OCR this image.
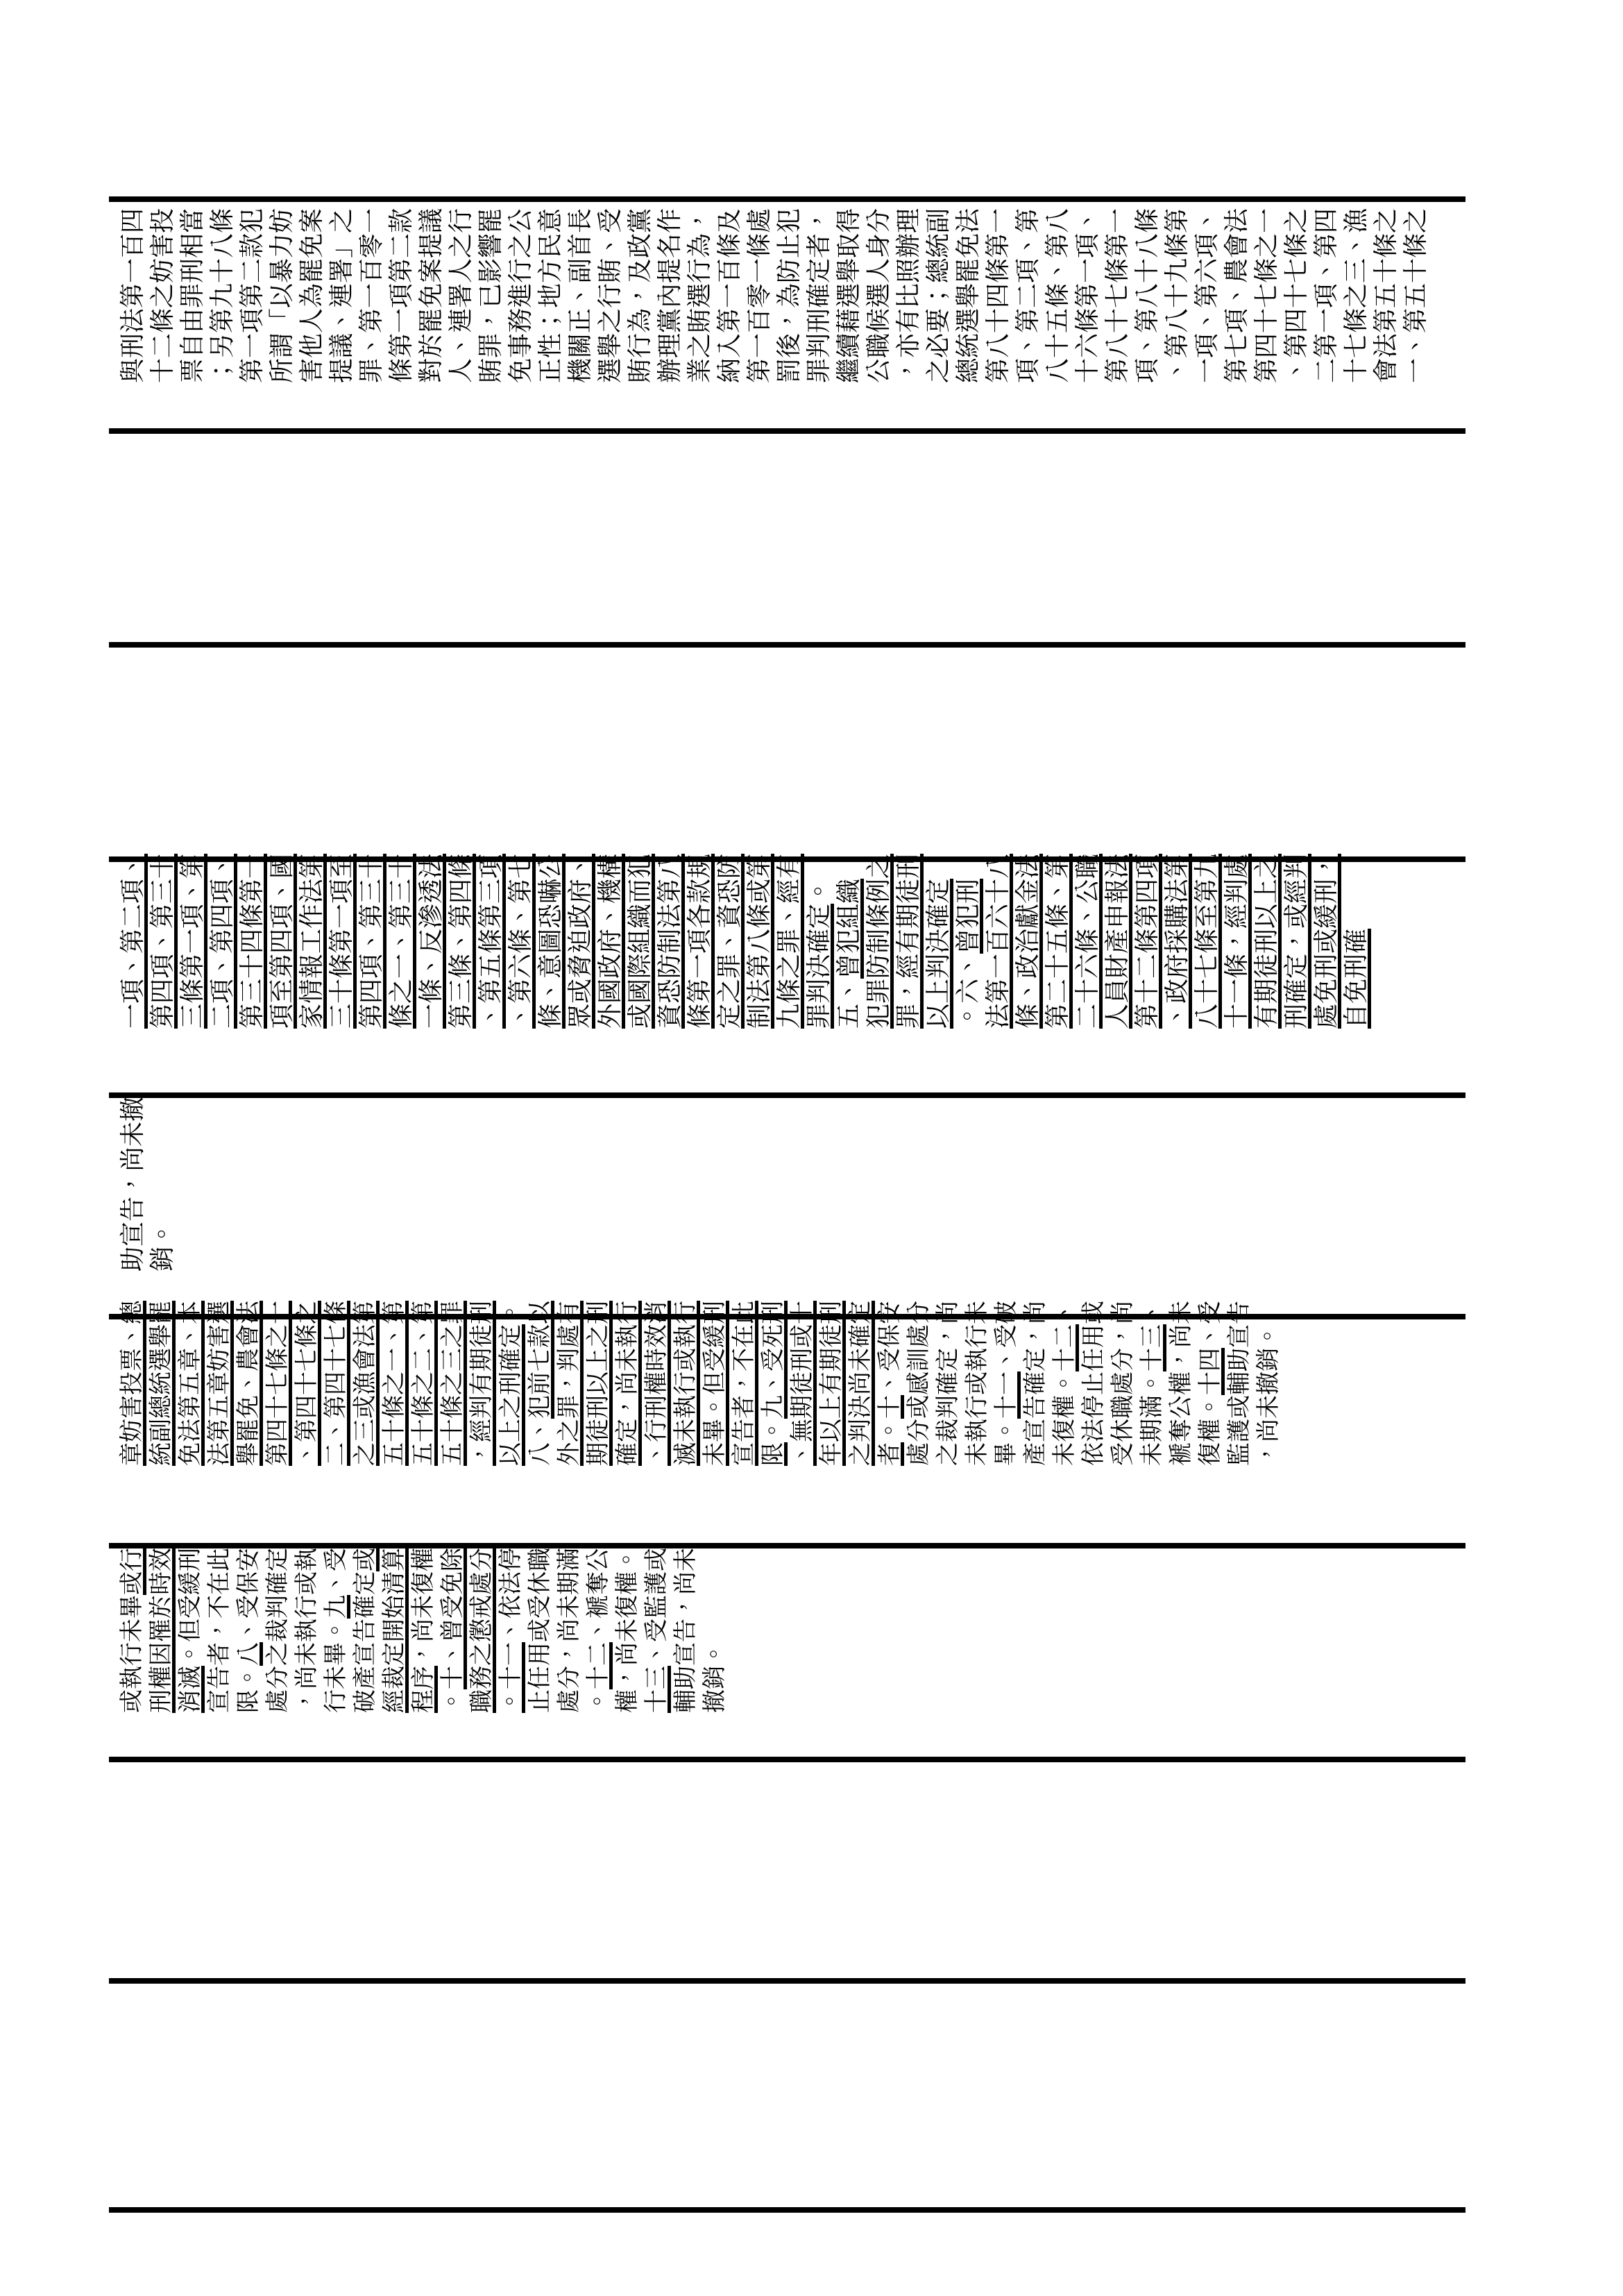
與刑法第一百四十二條之妨害投票自由罪刑相當；另第九十八條第一項第二款犯所謂「以暴力妨害他人為罷免案提議、連署」之罪、第一百零一條第一項第二款對於罷免案提議人、連署人之行賄罪，已影響罷免事務進行之公正性；地方民意機關正、副首長選舉之行賄、受賄行為，及政黨辦理黨內提名作業之賄選行為，納入第一百條及第一百零一條處罰後，為防止犯罪判刑確定者，繼續藉選舉取得公職候選人身分，亦有比照辦理之必要；總統副總統選舉罷免法第八十四條第一項、第二項、第八十五條、第八十六條第一項、第八十七條第一項、第八十八條、第八十九條第一項、第六項、第七項、農會法第四十七條之一、第四十七條之二第一項、第四十七條之三、漁會法第五十條之一、第五十條之
一項、第二項、第四項、第三十三條第一項、第二項、第四項、第三十四條第一項至第四項、國家情報工作法第三十條第一項至第四項、第三十條之一、第三十一條、反滲透法第三條、第四條、第五條第三項、第六條、第七條、意圖恐嚇公眾或脅迫政府、外國政府、機構或國際組織而犯資恐防制法第八條第一項各款規定之罪、資恐防制法第八條或第九條之罪、經有罪判決確定。五、曾犯組織犯罪防制條例之罪，經有期徒刑以上判決確定。六、曾犯刑法第一百六十八條、政治獻金法第二十五條、第二十六條、公職人員財產申報法第十二條第四項、政府採購法第八十七條至第九十一條，經判處有期徒刑以上之刑確定，或經判處免刑或緩刑，自免刑確
助宣告，尚未撤銷。
章妨害投票、總統副總統選舉罷免法第五章、本法第五章妨害選舉罷免、農會法第四十七條之一、第四十七條之二、第四十七條之三或漁會法第五十條之一、第五十條之二、第五十條之三之罪，經判有期徒刑以上之刑確定。八、犯前七款以外之罪，判處有期徒刑以上之刑確定，尚未執行、行刑權時效消滅未執行或執行未畢。但受緩刑宣告者，不在此限。九、受死刑、無期徒刑或十年以上有期徒刑之判決尚未確定者。十、受保安處分或感訓處分之裁判確定，尚未執行或執行未畢。十一、受破產宣告確定，尚未復權。十二、依法停止任用或受休職處分，尚未期滿。十三、褫奪公權，尚未復權。十四、受監護或輔助宣告，尚未撤銷。
或執行未畢或行刑權因罹於時效消滅。但受緩刑宣告者，不在此限。八、受保安處分之裁判確定，尚未執行或執行未畢。九、受破產宣告確定或經裁定開始清算程序，尚未復權。十、曾受免除職務之懲戒處分。十一、依法停止任用或受休職處分，尚未期滿。十二、褫奪公權，尚未復權。 十三、受監護或輔助宣告，尚未撤銷。
